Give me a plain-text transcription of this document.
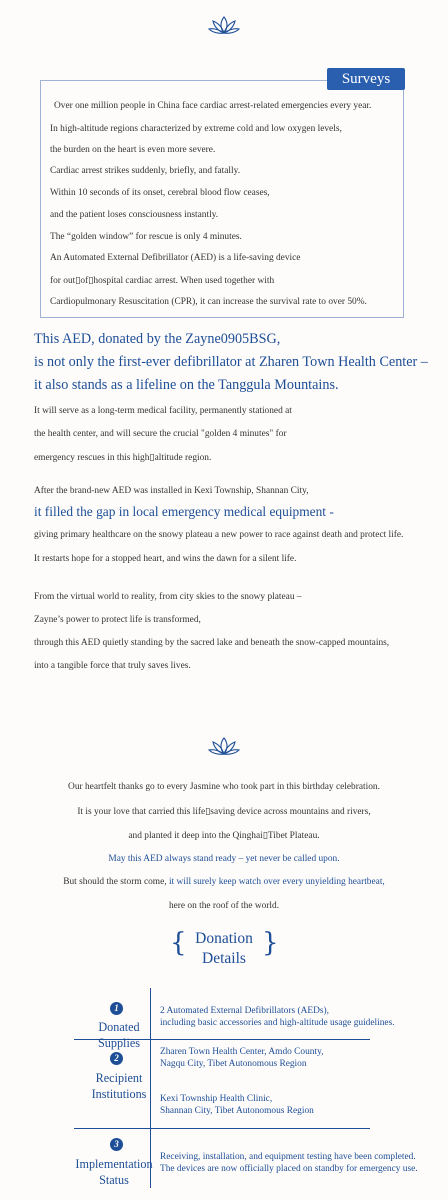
Surveys
Over one million people in China face cardiac arrest-related emergencies every year.
In high-altitude regions characterized by extreme cold and low oxygen levels,
the burden on the heart is even more severe.
Cardiac arrest strikes suddenly, briefly, and fatally.
Within 10 seconds of its onset, cerebral blood flow ceases,
and the patient loses consciousness instantly.
The “golden window” for rescue is only 4 minutes.
An Automated External Defibrillator (AED) is a life-saving device
for out▯of▯hospital cardiac arrest. When used together with
Cardiopulmonary Resuscitation (CPR), it can increase the survival rate to over 50%.
This AED, donated by the Zayne0905BSG,
is not only the first-ever defibrillator at Zharen Town Health Center –
it also stands as a lifeline on the Tanggula Mountains.
It will serve as a long-term medical facility, permanently stationed at
the health center, and will secure the crucial "golden 4 minutes" for
emergency rescues in this high▯altitude region.
After the brand-new AED was installed in Kexi Township, Shannan City,
it filled the gap in local emergency medical equipment -
giving primary healthcare on the snowy plateau a new power to race against death and protect life.
It restarts hope for a stopped heart, and wins the dawn for a silent life.
From the virtual world to reality, from city skies to the snowy plateau –
Zayne’s power to protect life is transformed,
through this AED quietly standing by the sacred lake and beneath the snow-capped mountains,
into a tangible force that truly saves lives.
Our heartfelt thanks go to every Jasmine who took part in this birthday celebration.
It is your love that carried this life▯saving device across mountains and rivers,
and planted it deep into the Qinghai▯Tibet Plateau.
May this AED always stand ready – yet never be called upon.
But should the storm come, it will surely keep watch over every unyielding heartbeat,
here on the roof of the world.
{	}
Donation
Details
1
Donated
Supplies
2 Automated External Defibrillators (AEDs),
including basic accessories and high-altitude usage guidelines.
2
Recipient
Institutions
Zharen Town Health Center, Amdo County,
Nagqu City, Tibet Autonomous Region
Kexi Township Health Clinic,
Shannan City, Tibet Autonomous Region
3
Implementation
Status
Receiving, installation, and equipment testing have been completed.
The devices are now officially placed on standby for emergency use.
